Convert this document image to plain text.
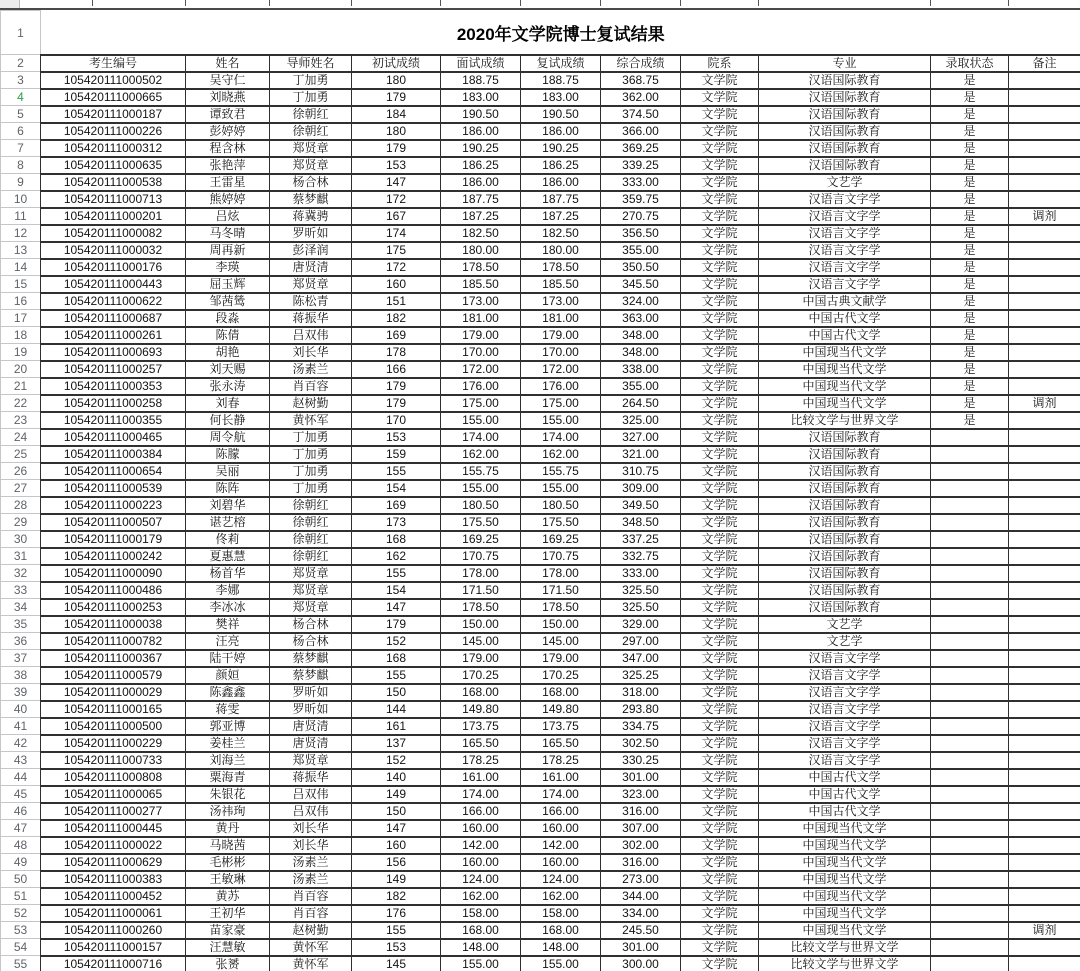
1	2020年文学院博士复试结果										
2	考生编号	姓名	导师姓名	初试成绩	面试成绩	复试成绩	综合成绩	院系	专业	录取状态	备注
3	105420111000502	吴守仁	丁加勇	180	188.75	188.75	368.75	文学院	汉语国际教育	是	
4	105420111000665	刘晓燕	丁加勇	179	183.00	183.00	362.00	文学院	汉语国际教育	是	
5	105420111000187	谭致君	徐朝红	184	190.50	190.50	374.50	文学院	汉语国际教育	是	
6	105420111000226	彭婷婷	徐朝红	180	186.00	186.00	366.00	文学院	汉语国际教育	是	
7	105420111000312	程含林	郑贤章	179	190.25	190.25	369.25	文学院	汉语国际教育	是	
8	105420111000635	张艳萍	郑贤章	153	186.25	186.25	339.25	文学院	汉语国际教育	是	
9	105420111000538	王雷星	杨合林	147	186.00	186.00	333.00	文学院	文艺学	是	
10	105420111000713	熊婷婷	蔡梦麒	172	187.75	187.75	359.75	文学院	汉语言文字学	是	
11	105420111000201	吕炫	蒋冀骋	167	187.25	187.25	270.75	文学院	汉语言文字学	是	调剂
12	105420111000082	马冬晴	罗昕如	174	182.50	182.50	356.50	文学院	汉语言文字学	是	
13	105420111000032	周再新	彭泽润	175	180.00	180.00	355.00	文学院	汉语言文字学	是	
14	105420111000176	李瑛	唐贤清	172	178.50	178.50	350.50	文学院	汉语言文字学	是	
15	105420111000443	屈玉辉	郑贤章	160	185.50	185.50	345.50	文学院	汉语言文字学	是	
16	105420111000622	邹茜鸶	陈松青	151	173.00	173.00	324.00	文学院	中国古典文献学	是	
17	105420111000687	段淼	蒋振华	182	181.00	181.00	363.00	文学院	中国古代文学	是	
18	105420111000261	陈倩	吕双伟	169	179.00	179.00	348.00	文学院	中国古代文学	是	
19	105420111000693	胡艳	刘长华	178	170.00	170.00	348.00	文学院	中国现当代文学	是	
20	105420111000257	刘天赐	汤素兰	166	172.00	172.00	338.00	文学院	中国现当代文学	是	
21	105420111000353	张永涛	肖百容	179	176.00	176.00	355.00	文学院	中国现当代文学	是	
22	105420111000258	刘春	赵树勤	179	175.00	175.00	264.50	文学院	中国现当代文学	是	调剂
23	105420111000355	何长静	黄怀军	170	155.00	155.00	325.00	文学院	比较文学与世界文学	是	
24	105420111000465	周令航	丁加勇	153	174.00	174.00	327.00	文学院	汉语国际教育		
25	105420111000384	陈朦	丁加勇	159	162.00	162.00	321.00	文学院	汉语国际教育		
26	105420111000654	吴丽	丁加勇	155	155.75	155.75	310.75	文学院	汉语国际教育		
27	105420111000539	陈阵	丁加勇	154	155.00	155.00	309.00	文学院	汉语国际教育		
28	105420111000223	刘碧华	徐朝红	169	180.50	180.50	349.50	文学院	汉语国际教育		
29	105420111000507	谌艺榕	徐朝红	173	175.50	175.50	348.50	文学院	汉语国际教育		
30	105420111000179	佟莉	徐朝红	168	169.25	169.25	337.25	文学院	汉语国际教育		
31	105420111000242	夏惠慧	徐朝红	162	170.75	170.75	332.75	文学院	汉语国际教育		
32	105420111000090	杨首华	郑贤章	155	178.00	178.00	333.00	文学院	汉语国际教育		
33	105420111000486	李娜	郑贤章	154	171.50	171.50	325.50	文学院	汉语国际教育		
34	105420111000253	李冰冰	郑贤章	147	178.50	178.50	325.50	文学院	汉语国际教育		
35	105420111000038	樊祥	杨合林	179	150.00	150.00	329.00	文学院	文艺学		
36	105420111000782	汪亮	杨合林	152	145.00	145.00	297.00	文学院	文艺学		
37	105420111000367	陆干婷	蔡梦麒	168	179.00	179.00	347.00	文学院	汉语言文字学		
38	105420111000579	颜姮	蔡梦麒	155	170.25	170.25	325.25	文学院	汉语言文字学		
39	105420111000029	陈鑫鑫	罗昕如	150	168.00	168.00	318.00	文学院	汉语言文字学		
40	105420111000165	蒋雯	罗昕如	144	149.80	149.80	293.80	文学院	汉语言文字学		
41	105420111000500	郭亚博	唐贤清	161	173.75	173.75	334.75	文学院	汉语言文字学		
42	105420111000229	姜桂兰	唐贤清	137	165.50	165.50	302.50	文学院	汉语言文字学		
43	105420111000733	刘海兰	郑贤章	152	178.25	178.25	330.25	文学院	汉语言文字学		
44	105420111000808	粟海青	蒋振华	140	161.00	161.00	301.00	文学院	中国古代文学		
45	105420111000065	朱银花	吕双伟	149	174.00	174.00	323.00	文学院	中国古代文学		
46	105420111000277	汤祎珣	吕双伟	150	166.00	166.00	316.00	文学院	中国古代文学		
47	105420111000445	黄丹	刘长华	147	160.00	160.00	307.00	文学院	中国现当代文学		
48	105420111000022	马晓茜	刘长华	160	142.00	142.00	302.00	文学院	中国现当代文学		
49	105420111000629	毛彬彬	汤素兰	156	160.00	160.00	316.00	文学院	中国现当代文学		
50	105420111000383	王敏琳	汤素兰	149	124.00	124.00	273.00	文学院	中国现当代文学		
51	105420111000452	黄苏	肖百容	182	162.00	162.00	344.00	文学院	中国现当代文学		
52	105420111000061	王初华	肖百容	176	158.00	158.00	334.00	文学院	中国现当代文学		
53	105420111000260	苗家豪	赵树勤	155	168.00	168.00	245.50	文学院	中国现当代文学		调剂
54	105420111000157	汪慧敏	黄怀军	153	148.00	148.00	301.00	文学院	比较文学与世界文学		
55	105420111000716	张赟	黄怀军	145	155.00	155.00	300.00	文学院	比较文学与世界文学		
